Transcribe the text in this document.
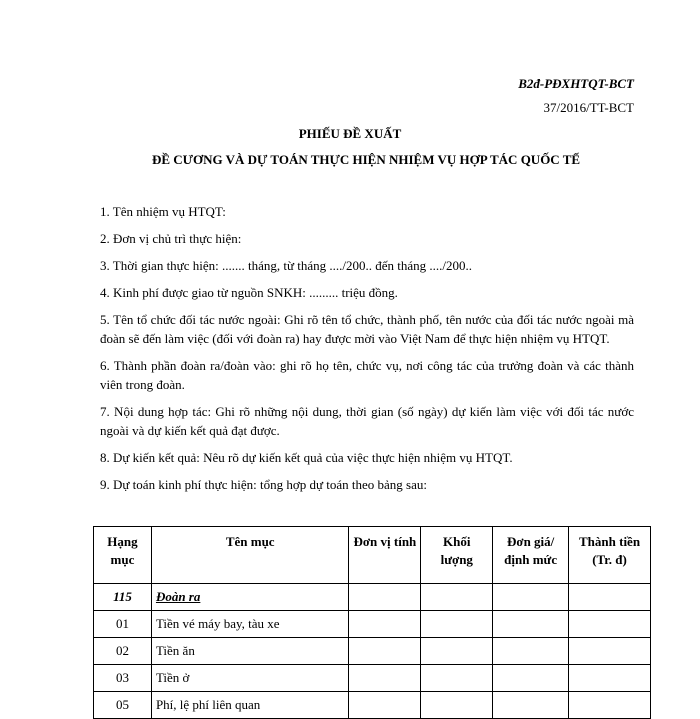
B2đ-PĐXHTQT-BCT
37/2016/TT-BCT
PHIẾU ĐỀ XUẤT
ĐỀ CƯƠNG VÀ DỰ TOÁN THỰC HIỆN NHIỆM VỤ HỢP TÁC QUỐC TẾ

1. Tên nhiệm vụ HTQT:

2. Đơn vị chủ trì thực hiện:

3. Thời gian thực hiện: ....... tháng, từ tháng ..../200.. đến tháng ..../200..

4. Kinh phí được giao từ nguồn SNKH: ......... triệu đồng.

5. Tên tổ chức đối tác nước ngoài: Ghi rõ tên tổ chức, thành phố, tên nước của đối tác nước ngoài mà đoàn sẽ đến làm việc (đối với đoàn ra) hay được mời vào Việt Nam để thực hiện nhiệm vụ HTQT.

6. Thành phần đoàn ra/đoàn vào: ghi rõ họ tên, chức vụ, nơi công tác của trưởng đoàn và các thành viên trong đoàn.

7. Nội dung hợp tác: Ghi rõ những nội dung, thời gian (số ngày) dự kiến làm việc với đối tác nước ngoài và dự kiến kết quả đạt được.

8. Dự kiến kết quả: Nêu rõ dự kiến kết quả của việc thực hiện nhiệm vụ HTQT.

9. Dự toán kinh phí thực hiện: tổng hợp dự toán theo bảng sau:

Hạng mục	Tên mục	Đơn vị tính	Khối lượng	Đơn giá/ định mức	Thành tiền (Tr. đ)
115	Đoàn ra				
01	Tiền vé máy bay, tàu xe				
02	Tiền ăn				
03	Tiền ở				
05	Phí, lệ phí liên quan				
